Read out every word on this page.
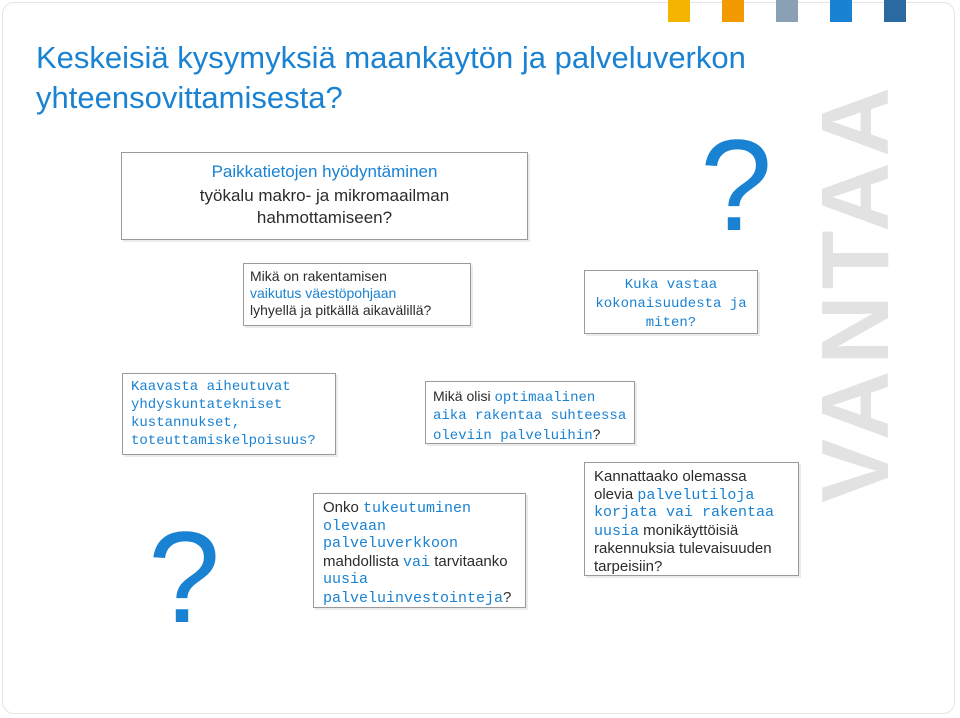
VANTAA
Keskeisiä kysymyksiä maankäytön ja palveluverkon yhteensovittamisesta?
?
?
Paikkatietojen hyödyntäminen
työkalu makro- ja mikromaailman
hahmottamiseen?
Mikä on rakentamisen
vaikutus väestöpohjaan
lyhyellä ja pitkällä aikavälillä?
Kuka vastaa
kokonaisuudesta ja
miten?
Kaavasta aiheutuvat
yhdyskuntatekniset
kustannukset,
toteuttamiskelpoisuus?
Mikä olisi optimaalinen
aika rakentaa suhteessa
oleviin palveluihin?
Onko tukeutuminen
olevaan
palveluverkkoon
mahdollista vai tarvitaanko
uusia
palveluinvestointeja?
Kannattaako olemassa
olevia palvelutiloja
korjata vai rakentaa
uusia monikäyttöisiä
rakennuksia tulevaisuuden
tarpeisiin?
